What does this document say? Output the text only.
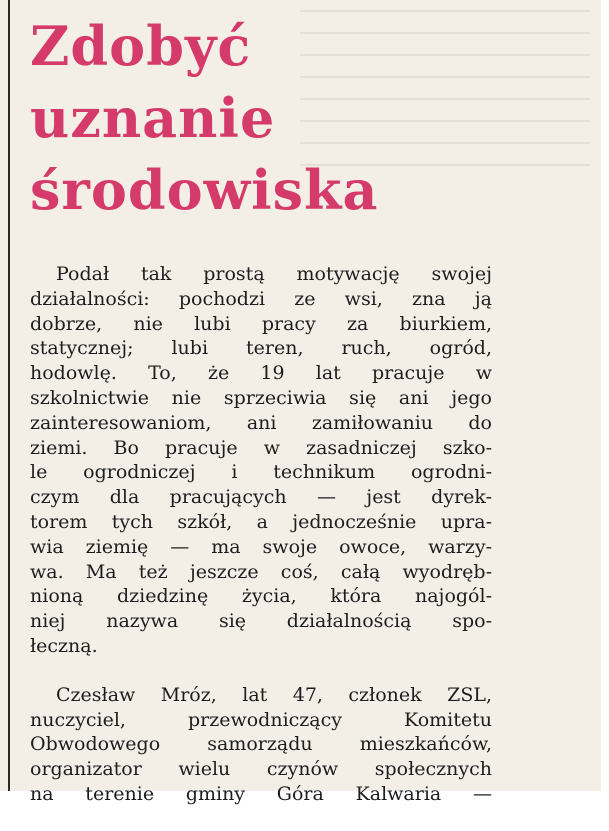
Zdobyć
uznanie
środowiska

Podał tak prostą motywację swojej
działalności: pochodzi ze wsi, zna ją
dobrze, nie lubi pracy za biurkiem,
statycznej; lubi teren, ruch, ogród,
hodowlę. To, że 19 lat pracuje w
szkolnictwie nie sprzeciwia się ani jego
zainteresowaniom, ani zamiłowaniu do
ziemi. Bo pracuje w zasadniczej szko-
le ogrodniczej i technikum ogrodni-
czym dla pracujących — jest dyrek-
torem tych szkół, a jednocześnie upra-
wia ziemię — ma swoje owoce, warzy-
wa. Ma też jeszcze coś, całą wyodręb-
nioną dziedzinę życia, która najogól-
niej nazywa się działalnością spo-
łeczną.

Czesław Mróz, lat 47, członek ZSL,
nuczyciel, przewodniczący Komitetu
Obwodowego samorządu mieszkańców,
organizator wielu czynów społecznych
na terenie gminy Góra Kalwaria —
